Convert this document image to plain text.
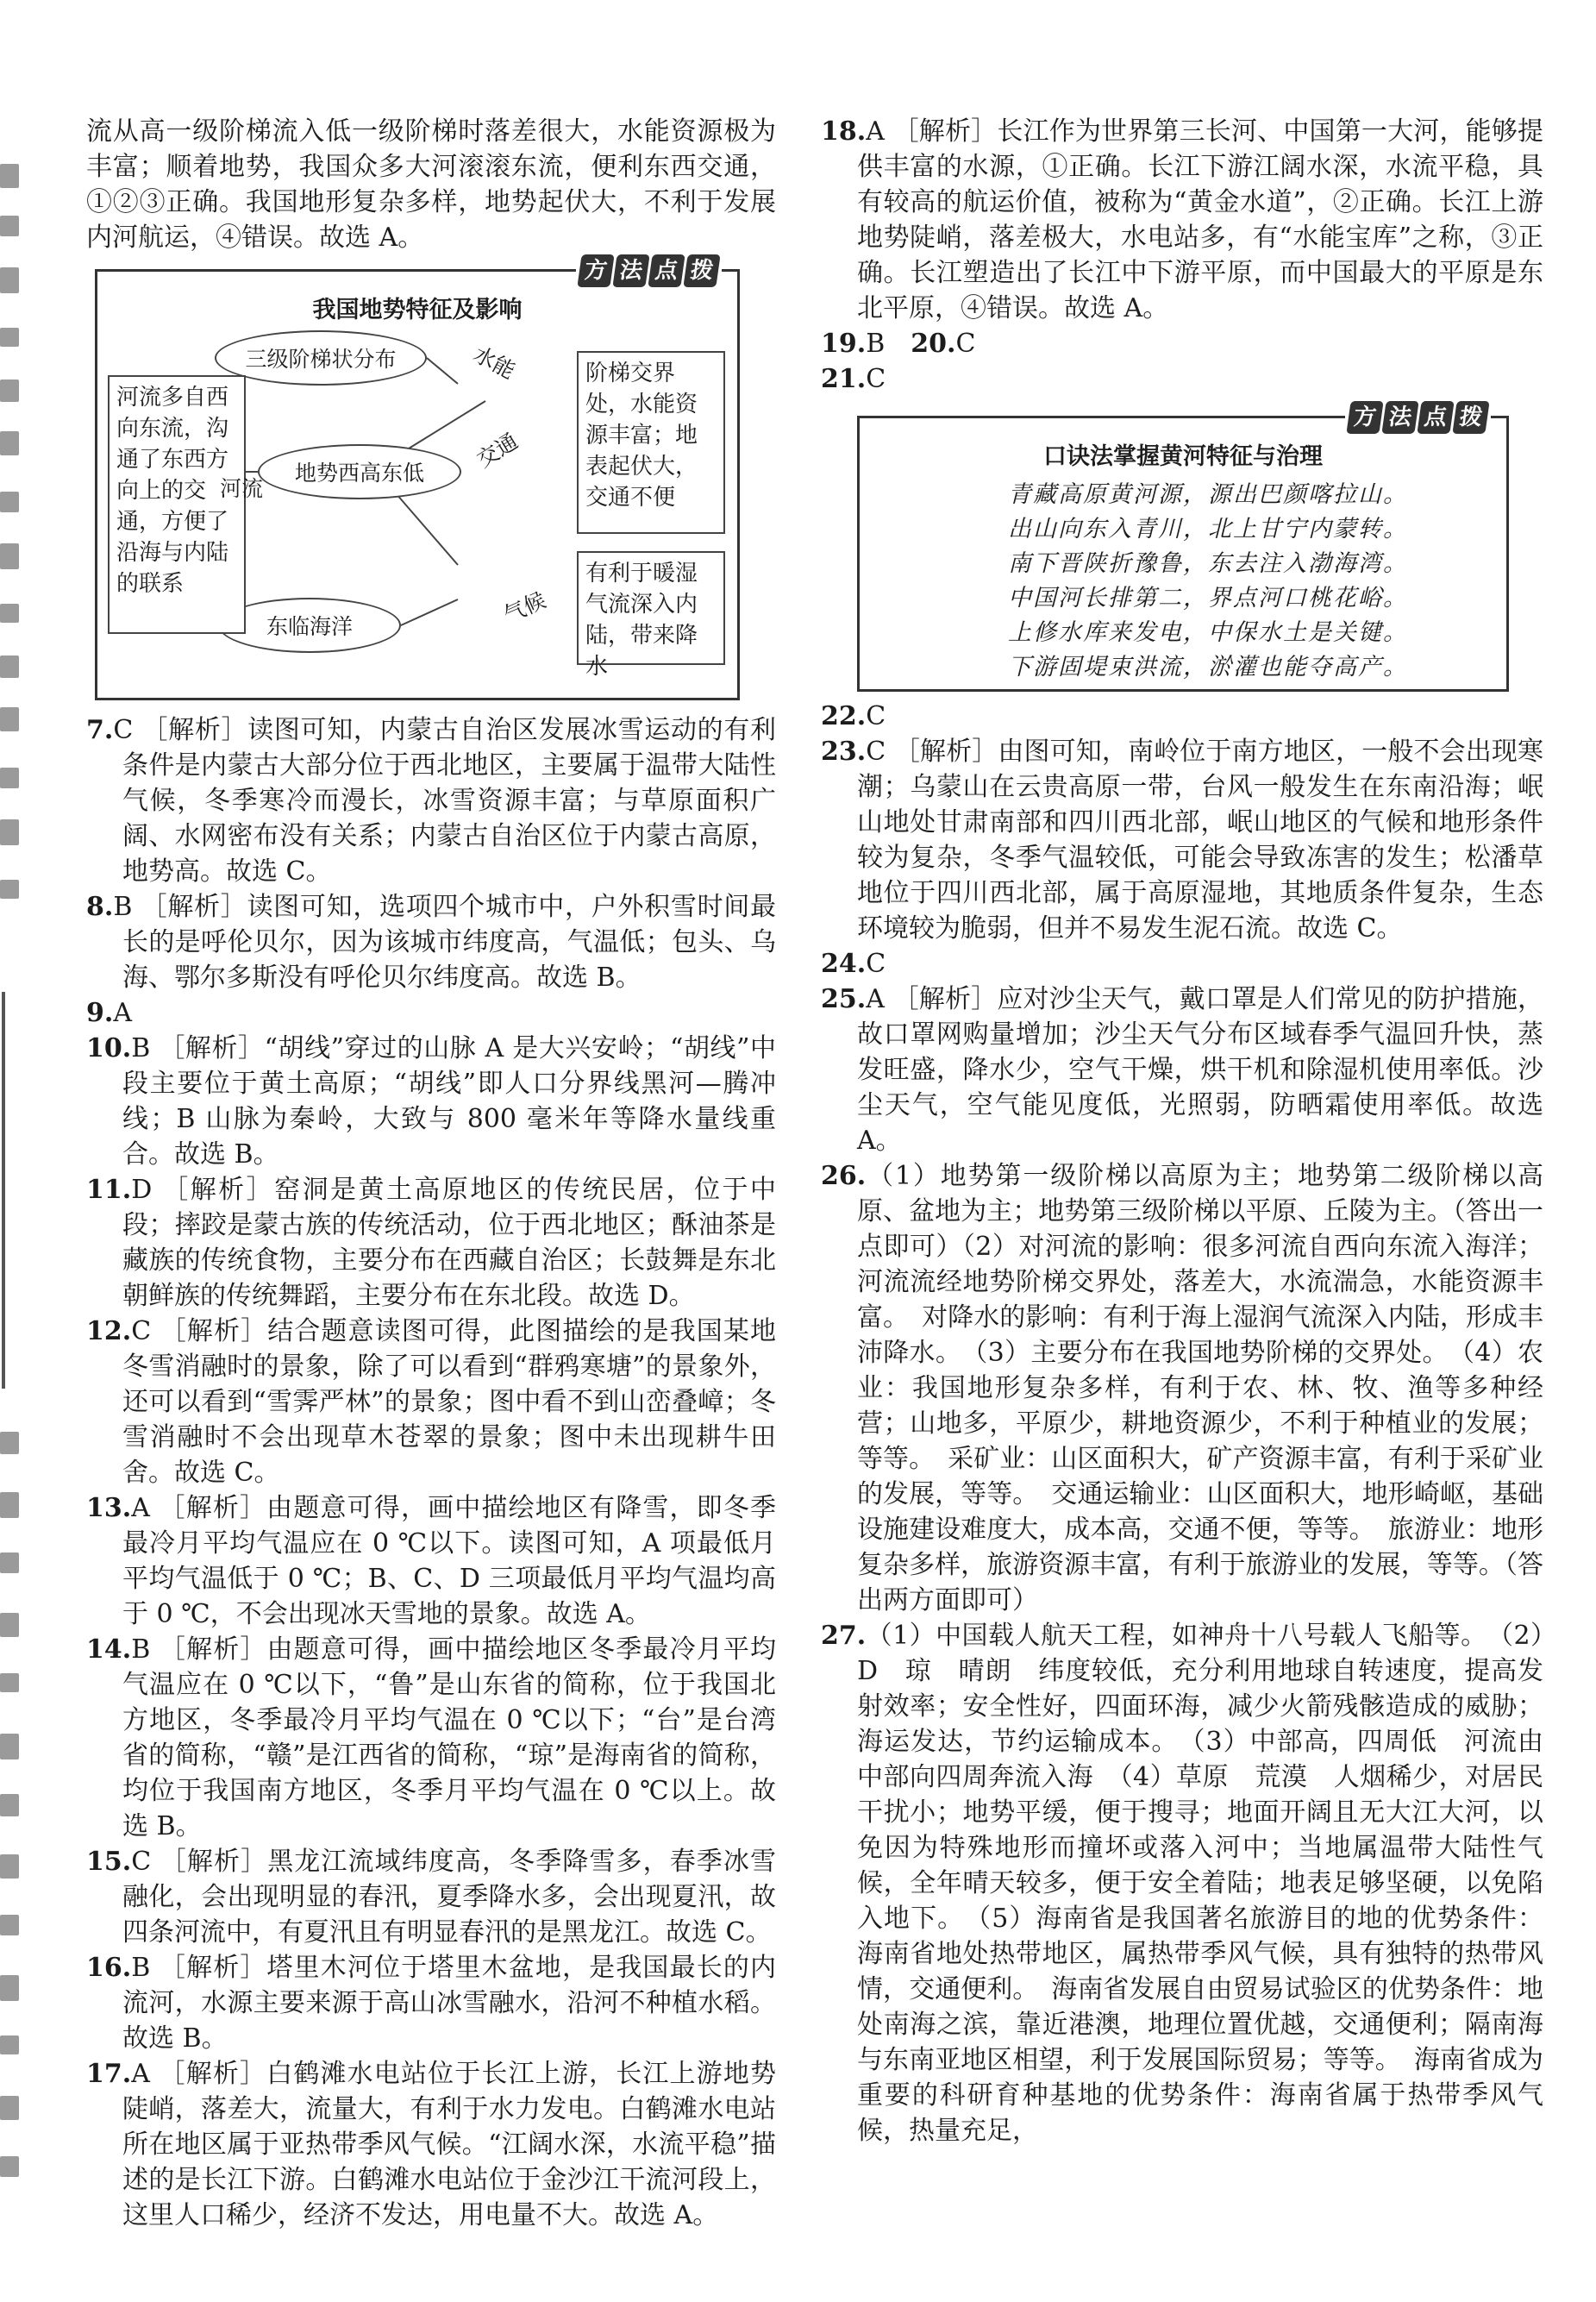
流从高一级阶梯流入低一级阶梯时落差很大，水能资源极为丰富；顺着地势，我国众多大河滚滚东流，便利东西交通，①②③正确。我国地形复杂多样，地势起伏大，不利于发展内河航运，④错误。故选 A。

方 法 点 拨
我国地势特征及影响
三级阶梯状分布
地势西高东低
东临海洋
河流多自西向东流，沟通了东西方向上的交通，方便了沿海与内陆的联系
阶梯交界处，水能资源丰富；地表起伏大，交通不便
有利于暖湿气流深入内陆，带来降水
水能
交通
河流
气候

7.C ［解析］读图可知，内蒙古自治区发展冰雪运动的有利条件是内蒙古大部分位于西北地区，主要属于温带大陆性气候，冬季寒冷而漫长，冰雪资源丰富；与草原面积广阔、水网密布没有关系；内蒙古自治区位于内蒙古高原，地势高。故选 C。

8.B ［解析］读图可知，选项四个城市中，户外积雪时间最长的是呼伦贝尔，因为该城市纬度高，气温低；包头、乌海、鄂尔多斯没有呼伦贝尔纬度高。故选 B。

9.A

10.B ［解析］“胡线”穿过的山脉 A 是大兴安岭；“胡线”中段主要位于黄土高原；“胡线”即人口分界线黑河—腾冲线；B 山脉为秦岭，大致与 800 毫米年等降水量线重合。故选 B。

11.D ［解析］窑洞是黄土高原地区的传统民居，位于中段；摔跤是蒙古族的传统活动，位于西北地区；酥油茶是藏族的传统食物，主要分布在西藏自治区；长鼓舞是东北朝鲜族的传统舞蹈，主要分布在东北段。故选 D。

12.C ［解析］结合题意读图可得，此图描绘的是我国某地冬雪消融时的景象，除了可以看到“群鸦寒塘”的景象外，还可以看到“雪霁严林”的景象；图中看不到山峦叠嶂；冬雪消融时不会出现草木苍翠的景象；图中未出现耕牛田舍。故选 C。

13.A ［解析］由题意可得，画中描绘地区有降雪，即冬季最冷月平均气温应在 0 ℃以下。读图可知，A 项最低月平均气温低于 0 ℃；B、C、D 三项最低月平均气温均高于 0 ℃，不会出现冰天雪地的景象。故选 A。

14.B ［解析］由题意可得，画中描绘地区冬季最冷月平均气温应在 0 ℃以下，“鲁”是山东省的简称，位于我国北方地区，冬季最冷月平均气温在 0 ℃以下；“台”是台湾省的简称，“赣”是江西省的简称，“琼”是海南省的简称，均位于我国南方地区，冬季月平均气温在 0 ℃以上。故选 B。

15.C ［解析］黑龙江流域纬度高，冬季降雪多，春季冰雪融化，会出现明显的春汛，夏季降水多，会出现夏汛，故四条河流中，有夏汛且有明显春汛的是黑龙江。故选 C。

16.B ［解析］塔里木河位于塔里木盆地，是我国最长的内流河，水源主要来源于高山冰雪融水，沿河不种植水稻。故选 B。

17.A ［解析］白鹤滩水电站位于长江上游，长江上游地势陡峭，落差大，流量大，有利于水力发电。白鹤滩水电站所在地区属于亚热带季风气候。“江阔水深，水流平稳”描述的是长江下游。白鹤滩水电站位于金沙江干流河段上，这里人口稀少，经济不发达，用电量不大。故选 A。

18.A ［解析］长江作为世界第三长河、中国第一大河，能够提供丰富的水源，①正确。长江下游江阔水深，水流平稳，具有较高的航运价值，被称为“黄金水道”，②正确。长江上游地势陡峭，落差极大，水电站多，有“水能宝库”之称，③正确。长江塑造出了长江中下游平原，而中国最大的平原是东北平原，④错误。故选 A。

19.B　20.C

21.C

方 法 点 拨
口诀法掌握黄河特征与治理
青藏高原黄河源，源出巴颜喀拉山。
出山向东入青川，北上甘宁内蒙转。
南下晋陕折豫鲁，东去注入渤海湾。
中国河长排第二，界点河口桃花峪。
上修水库来发电，中保水土是关键。
下游固堤束洪流，淤灌也能夺高产。

22.C

23.C ［解析］由图可知，南岭位于南方地区，一般不会出现寒潮；乌蒙山在云贵高原一带，台风一般发生在东南沿海；岷山地处甘肃南部和四川西北部，岷山地区的气候和地形条件较为复杂，冬季气温较低，可能会导致冻害的发生；松潘草地位于四川西北部，属于高原湿地，其地质条件复杂，生态环境较为脆弱，但并不易发生泥石流。故选 C。

24.C

25.A ［解析］应对沙尘天气，戴口罩是人们常见的防护措施，故口罩网购量增加；沙尘天气分布区域春季气温回升快，蒸发旺盛，降水少，空气干燥，烘干机和除湿机使用率低。沙尘天气，空气能见度低，光照弱，防晒霜使用率低。故选 A。

26.（1）地势第一级阶梯以高原为主；地势第二级阶梯以高原、盆地为主；地势第三级阶梯以平原、丘陵为主。（答出一点即可）（2）对河流的影响：很多河流自西向东流入海洋；河流流经地势阶梯交界处，落差大，水流湍急，水能资源丰富。　对降水的影响：有利于海上湿润气流深入内陆，形成丰沛降水。　（3）主要分布在我国地势阶梯的交界处。　（4）农业：我国地形复杂多样，有利于农、林、牧、渔等多种经营；山地多，平原少，耕地资源少，不利于种植业的发展；等等。　采矿业：山区面积大，矿产资源丰富，有利于采矿业的发展，等等。　交通运输业：山区面积大，地形崎岖，基础设施建设难度大，成本高，交通不便，等等。　旅游业：地形复杂多样，旅游资源丰富，有利于旅游业的发展，等等。（答出两方面即可）

27.（1）中国载人航天工程，如神舟十八号载人飞船等。　（2）D　琼　晴朗　纬度较低，充分利用地球自转速度，提高发射效率；安全性好，四面环海，减少火箭残骸造成的威胁；海运发达，节约运输成本。　（3）中部高，四周低　河流由中部向四周奔流入海　（4）草原　荒漠　人烟稀少，对居民干扰小；地势平缓，便于搜寻；地面开阔且无大江大河，以免因为特殊地形而撞坏或落入河中；当地属温带大陆性气候，全年晴天较多，便于安全着陆；地表足够坚硬，以免陷入地下。　（5）海南省是我国著名旅游目的地的优势条件：海南省地处热带地区，属热带季风气候，具有独特的热带风情，交通便利。　海南省发展自由贸易试验区的优势条件：地处南海之滨，靠近港澳，地理位置优越，交通便利；隔南海与东南亚地区相望，利于发展国际贸易；等等。　海南省成为重要的科研育种基地的优势条件：海南省属于热带季风气候，热量充足，
